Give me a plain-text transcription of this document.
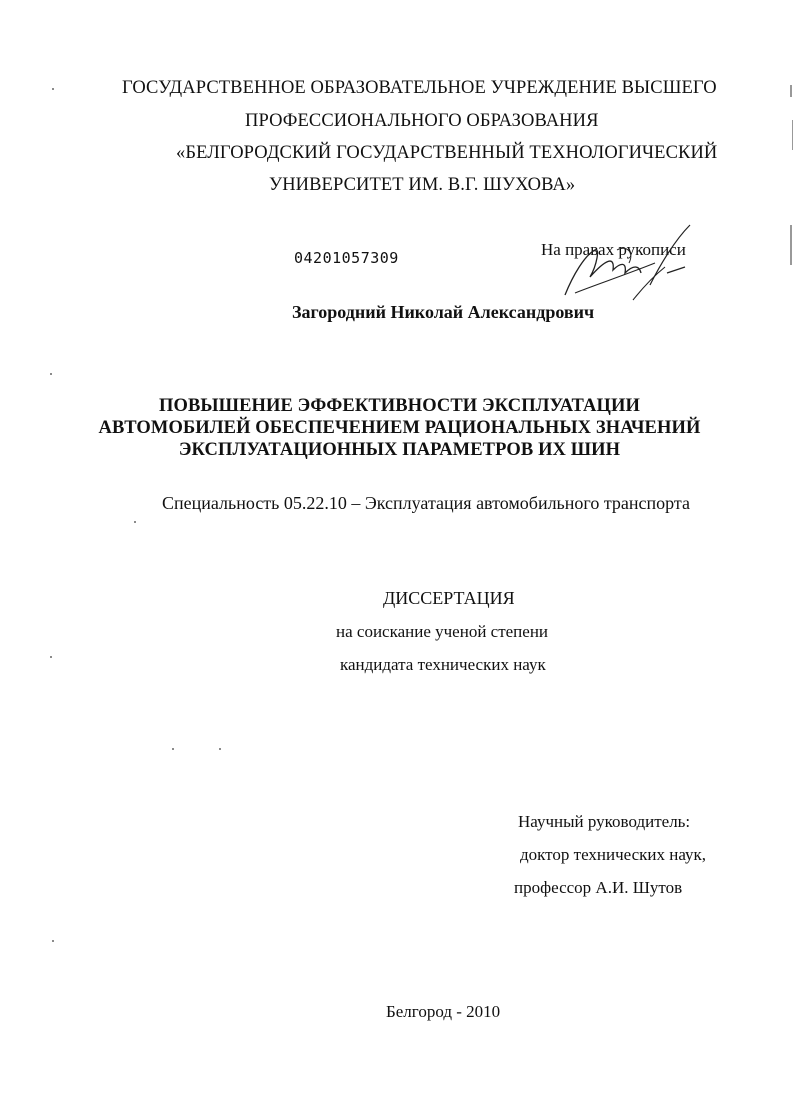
ГОСУДАРСТВЕННОЕ ОБРАЗОВАТЕЛЬНОЕ УЧРЕЖДЕНИЕ ВЫСШЕГО
ПРОФЕССИОНАЛЬНОГО ОБРАЗОВАНИЯ
«БЕЛГОРОДСКИЙ ГОСУДАРСТВЕННЫЙ ТЕХНОЛОГИЧЕСКИЙ
УНИВЕРСИТЕТ ИМ. В.Г. ШУХОВА»
04201057309	На правах рукописи
Загородний Николай Александрович
ПОВЫШЕНИЕ ЭФФЕКТИВНОСТИ ЭКСПЛУАТАЦИИ
АВТОМОБИЛЕЙ ОБЕСПЕЧЕНИЕМ РАЦИОНАЛЬНЫХ ЗНАЧЕНИЙ
ЭКСПЛУАТАЦИОННЫХ ПАРАМЕТРОВ ИХ ШИН
Специальность 05.22.10 – Эксплуатация автомобильного транспорта
ДИССЕРТАЦИЯ
на соискание ученой степени
кандидата технических наук
Научный руководитель:
доктор технических наук,
профессор А.И. Шутов
Белгород - 2010
